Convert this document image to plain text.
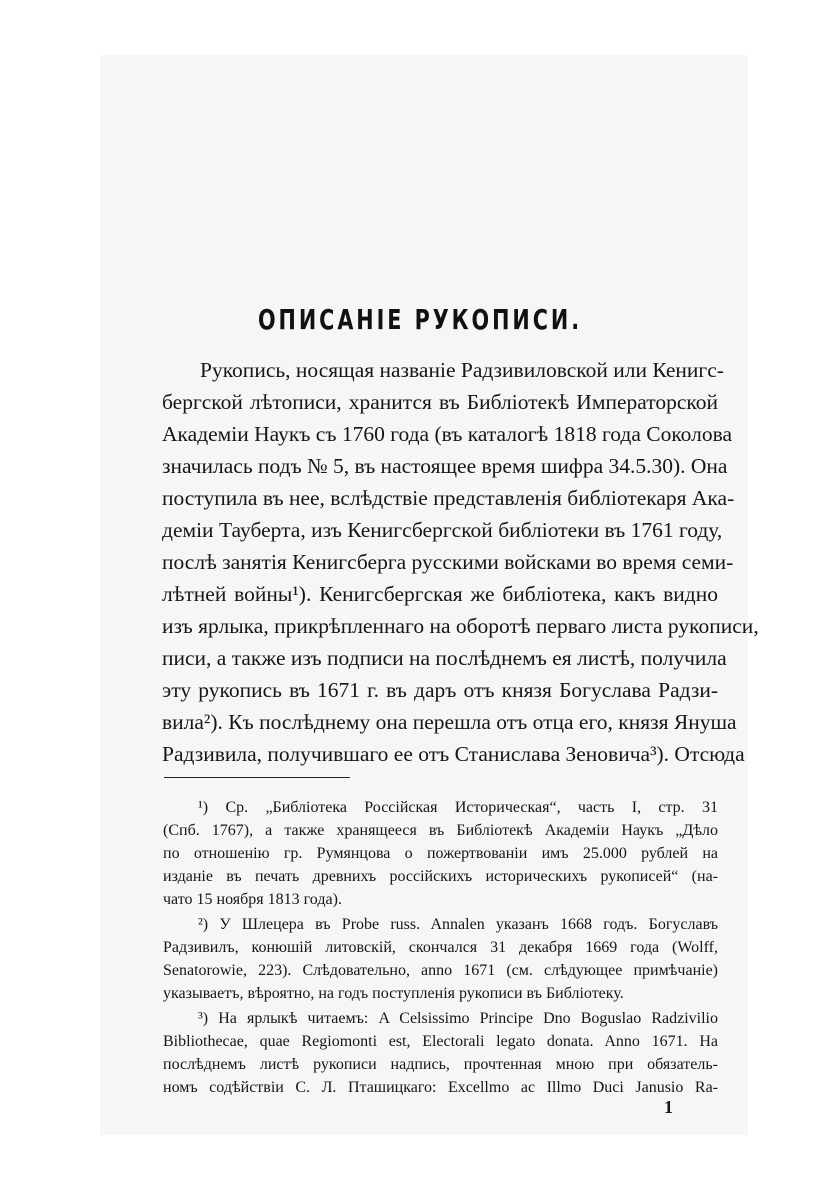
ОПИСАНІЕ РУКОПИСИ.
Рукопись, носящая названіе Радзивиловской или Кенигс-
бергской лѣтописи, хранится въ Библіотекѣ Императорской
Академіи Наукъ съ 1760 года (въ каталогѣ 1818 года Соколова
значилась подъ № 5, въ настоящее время шифра 34.5.30). Она
поступила въ нее, вслѣдствіе представленія библіотекаря Ака-
деміи Тауберта, изъ Кенигсбергской библіотеки въ 1761 году,
послѣ занятія Кенигсберга русскими войсками во время семи-
лѣтней войны¹). Кенигсбергская же библіотека, какъ видно
изъ ярлыка, прикрѣпленнаго на оборотѣ перваго листа рукописи,
писи, а также изъ подписи на послѣднемъ ея листѣ, получила
эту рукопись въ 1671 г. въ даръ отъ князя Богуслава Радзи-
вила²). Къ послѣднему она перешла отъ отца его, князя Януша
Радзивила, получившаго ее отъ Станислава Зеновича³). Отсюда
¹) Ср. „Библіотека Россійская Историческая“, часть I, стр. 31
(Спб. 1767), а также хранящееся въ Библіотекѣ Академіи Наукъ „Дѣло
по отношенію гр. Румянцова о пожертвованіи имъ 25.000 рублей на
изданіе въ печать древнихъ россійскихъ историческихъ рукописей“ (на-
чато 15 ноября 1813 года).
²) У Шлецера въ Probe russ. Annalen указанъ 1668 годъ. Богуславъ
Радзивилъ, конюшій литовскій, скончался 31 декабря 1669 года (Wolff,
Senatorowie, 223). Слѣдовательно, anno 1671 (см. слѣдующее примѣчаніе)
указываетъ, вѣроятно, на годъ поступленія рукописи въ Библіотеку.
³) На ярлыкѣ читаемъ: A Celsissimo Principe Dno Boguslao Radzivilio
Bibliothecae, quae Regiomonti est, Electorali legato donata. Anno 1671. На
послѣднемъ листѣ рукописи надпись, прочтенная мною при обязатель-
номъ содѣйствіи С. Л. Пташицкаго: Excellmo ac Illmo Duci Janusio Ra-
1
